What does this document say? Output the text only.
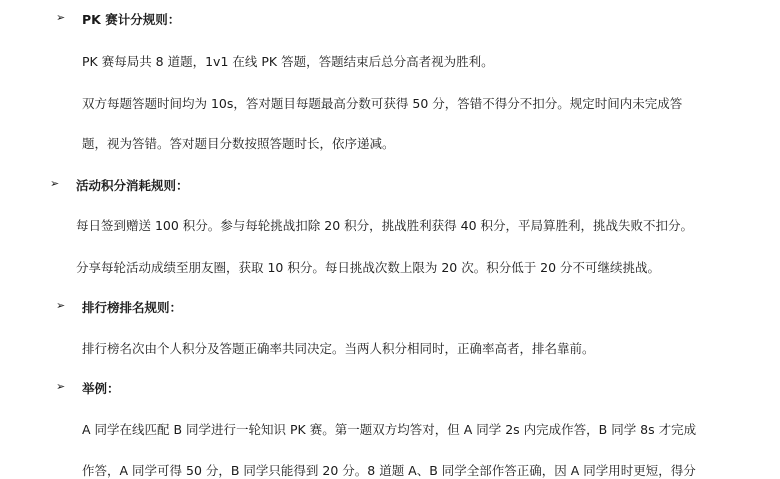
➢ PK 赛计分规则：
PK 赛每局共 8 道题，1v1 在线 PK 答题，答题结束后总分高者视为胜利。
双方每题答题时间均为 10s，答对题目每题最高分数可获得 50 分，答错不得分不扣分。规定时间内未完成答
题，视为答错。答对题目分数按照答题时长，依序递减。
➢ 活动积分消耗规则：
每日签到赠送 100 积分。参与每轮挑战扣除 20 积分，挑战胜利获得 40 积分，平局算胜利，挑战失败不扣分。
分享每轮活动成绩至朋友圈，获取 10 积分。每日挑战次数上限为 20 次。积分低于 20 分不可继续挑战。
➢ 排行榜排名规则：
排行榜名次由个人积分及答题正确率共同决定。当两人积分相同时，正确率高者，排名靠前。
➢ 举例：
A 同学在线匹配 B 同学进行一轮知识 PK 赛。第一题双方均答对，但 A 同学 2s 内完成作答，B 同学 8s 才完成
作答，A 同学可得 50 分，B 同学只能得到 20 分。8 道题 A、B 同学全部作答正确，因 A 同学用时更短，得分
